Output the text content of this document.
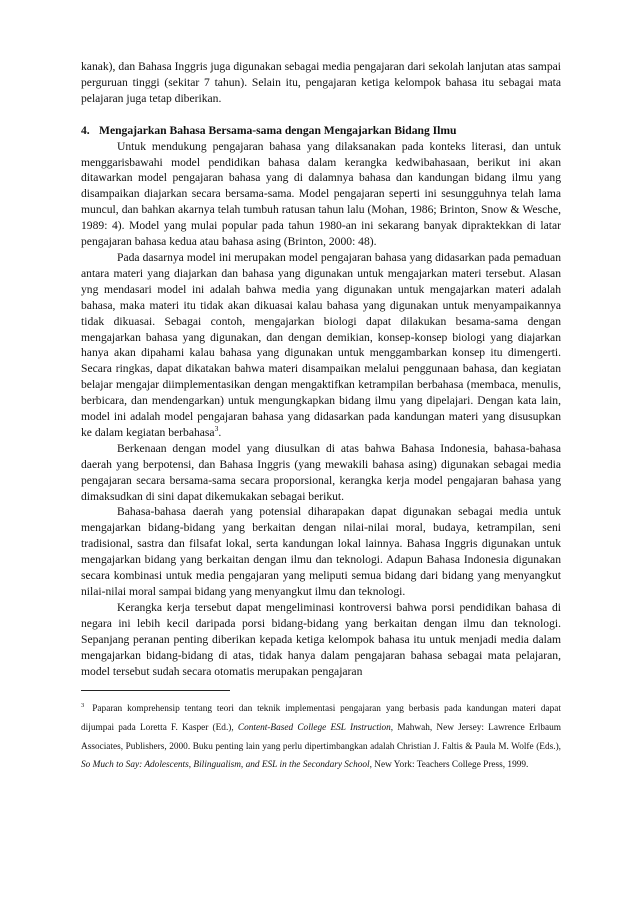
kanak), dan Bahasa Inggris juga digunakan sebagai media pengajaran dari sekolah lanjutan atas sampai perguruan tinggi (sekitar 7 tahun). Selain itu, pengajaran ketiga kelompok bahasa itu sebagai mata pelajaran juga tetap diberikan.

4. Mengajarkan Bahasa Bersama-sama dengan Mengajarkan Bidang Ilmu

Untuk mendukung pengajaran bahasa yang dilaksanakan pada konteks literasi, dan untuk menggarisbawahi model pendidikan bahasa dalam kerangka kedwibahasaan, berikut ini akan ditawarkan model pengajaran bahasa yang di dalamnya bahasa dan kandungan bidang ilmu yang disampaikan diajarkan secara bersama-sama. Model pengajaran seperti ini sesungguhnya telah lama muncul, dan bahkan akarnya telah tumbuh ratusan tahun lalu (Mohan, 1986; Brinton, Snow & Wesche, 1989: 4). Model yang mulai popular pada tahun 1980-an ini sekarang banyak dipraktekkan di latar pengajaran bahasa kedua atau bahasa asing (Brinton, 2000: 48).

Pada dasarnya model ini merupakan model pengajaran bahasa yang didasarkan pada pemaduan antara materi yang diajarkan dan bahasa yang digunakan untuk mengajarkan materi tersebut. Alasan yng mendasari model ini adalah bahwa media yang digunakan untuk mengajarkan materi adalah bahasa, maka materi itu tidak akan dikuasai kalau bahasa yang digunakan untuk menyampaikannya tidak dikuasai. Sebagai contoh, mengajarkan biologi dapat dilakukan besama-sama dengan mengajarkan bahasa yang digunakan, dan dengan demikian, konsep-konsep biologi yang diajarkan hanya akan dipahami kalau bahasa yang digunakan untuk menggambarkan konsep itu dimengerti. Secara ringkas, dapat dikatakan bahwa materi disampaikan melalui penggunaan bahasa, dan kegiatan belajar mengajar diimplementasikan dengan mengaktifkan ketrampilan berbahasa (membaca, menulis, berbicara, dan mendengarkan) untuk mengungkapkan bidang ilmu yang dipelajari. Dengan kata lain, model ini adalah model pengajaran bahasa yang didasarkan pada kandungan materi yang disusupkan ke dalam kegiatan berbahasa$^3$.

Berkenaan dengan model yang diusulkan di atas bahwa Bahasa Indonesia, bahasa-bahasa daerah yang berpotensi, dan Bahasa Inggris (yang mewakili bahasa asing) digunakan sebagai media pengajaran secara bersama-sama secara proporsional, kerangka kerja model pengajaran bahasa yang dimaksudkan di sini dapat dikemukakan sebagai berikut.

Bahasa-bahasa daerah yang potensial diharapakan dapat digunakan sebagai media untuk mengajarkan bidang-bidang yang berkaitan dengan nilai-nilai moral, budaya, ketrampilan, seni tradisional, sastra dan filsafat lokal, serta kandungan lokal lainnya. Bahasa Inggris digunakan untuk mengajarkan bidang yang berkaitan dengan ilmu dan teknologi. Adapun Bahasa Indonesia digunakan secara kombinasi untuk media pengajaran yang meliputi semua bidang dari bidang yang menyangkut nilai-nilai moral sampai bidang yang menyangkut ilmu dan teknologi.

Kerangka kerja tersebut dapat mengeliminasi kontroversi bahwa porsi pendidikan bahasa di negara ini lebih kecil daripada porsi bidang-bidang yang berkaitan dengan ilmu dan teknologi. Sepanjang peranan penting diberikan kepada ketiga kelompok bahasa itu untuk menjadi media dalam mengajarkan bidang-bidang di atas, tidak hanya dalam pengajaran bahasa sebagai mata pelajaran, model tersebut sudah secara otomatis merupakan pengajaran

$^3$ Paparan komprehensip tentang teori dan teknik implementasi pengajaran yang berbasis pada kandungan materi dapat dijumpai pada Loretta F. Kasper (Ed.), Content-Based College ESL Instruction, Mahwah, New Jersey: Lawrence Erlbaum Associates, Publishers, 2000. Buku penting lain yang perlu dipertimbangkan adalah Christian J. Faltis & Paula M. Wolfe (Eds.), So Much to Say: Adolescents, Bilingualism, and ESL in the Secondary School, New York: Teachers College Press, 1999.
